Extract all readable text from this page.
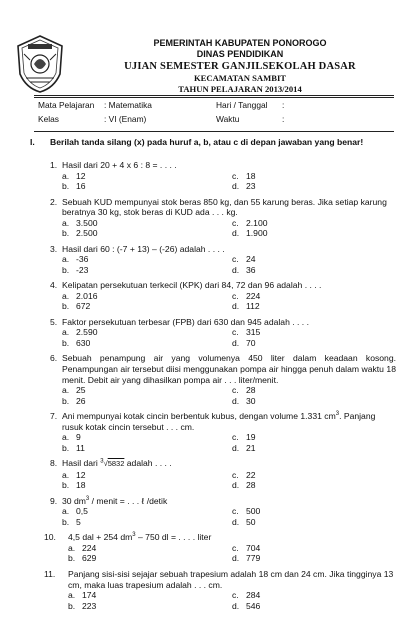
PEMERINTAH KABUPATEN PONOROGO
DINAS PENDIDIKAN
UJIAN SEMESTER GANJILSEKOLAH DASAR
KECAMATAN SAMBIT
TAHUN PELAJARAN 2013/2014
Mata Pelajaran : Matematika	Hari / Tanggal :
Kelas	: VI (Enam)	Waktu	:
I. Berilah tanda silang (x) pada huruf a, b, atau c di depan jawaban yang benar!
1. Hasil dari 20 + 4 x 6 : 8 = . . . .
a. 12	c. 18
b. 16	d. 23
2. Sebuah KUD mempunyai stok beras 850 kg, dan 55 karung beras. Jika setiap karung beratnya 30 kg, stok beras di KUD ada . . . kg.
a. 3.500	c. 2.100
b. 2.500	d. 1.900
3. Hasil dari 60 : (-7 + 13) – (-26) adalah . . . .
a. -36	c. 24
b. -23	d. 36
4. Kelipatan persekutuan terkecil (KPK) dari 84, 72 dan 96 adalah . . . .
a. 2.016	c. 224
b. 672	d. 112
5. Faktor persekutuan terbesar (FPB) dari 630 dan 945 adalah . . . .
a. 2.590	c. 315
b. 630	d. 70
6. Sebuah penampung air yang volumenya 450 liter dalam keadaan kosong. Penampungan air tersebut diisi menggunakan pompa air hingga penuh dalam waktu 18 menit. Debit air yang dihasilkan pompa air . . . liter/menit.
a. 25	c. 28
b. 26	d. 30
7. Ani mempunyai kotak cincin berbentuk kubus, dengan volume 1.331 $cm^3$. Panjang rusuk kotak cincin tersebut . . . cm.
a. 9	c. 19
b. 11	d. 21
8. Hasil dari $^3$√5832 adalah . . . .
a. 12	c. 22
b. 18	d. 28
9. 30 $dm^3$ / menit = . . . ℓ /detik
a. 0,5	c. 500
b. 5	d. 50
10. 4,5 dal + 254 $dm^3 - 750$ dl = . . . . liter
a. 224	c. 704
b. 629	d. 779
11. Panjang sisi-sisi sejajar sebuah trapesium adalah 18 cm dan 24 cm. Jika tingginya 13 cm, maka luas trapesium adalah . . . cm.
a. 174	c. 284
b. 223	d. 546
